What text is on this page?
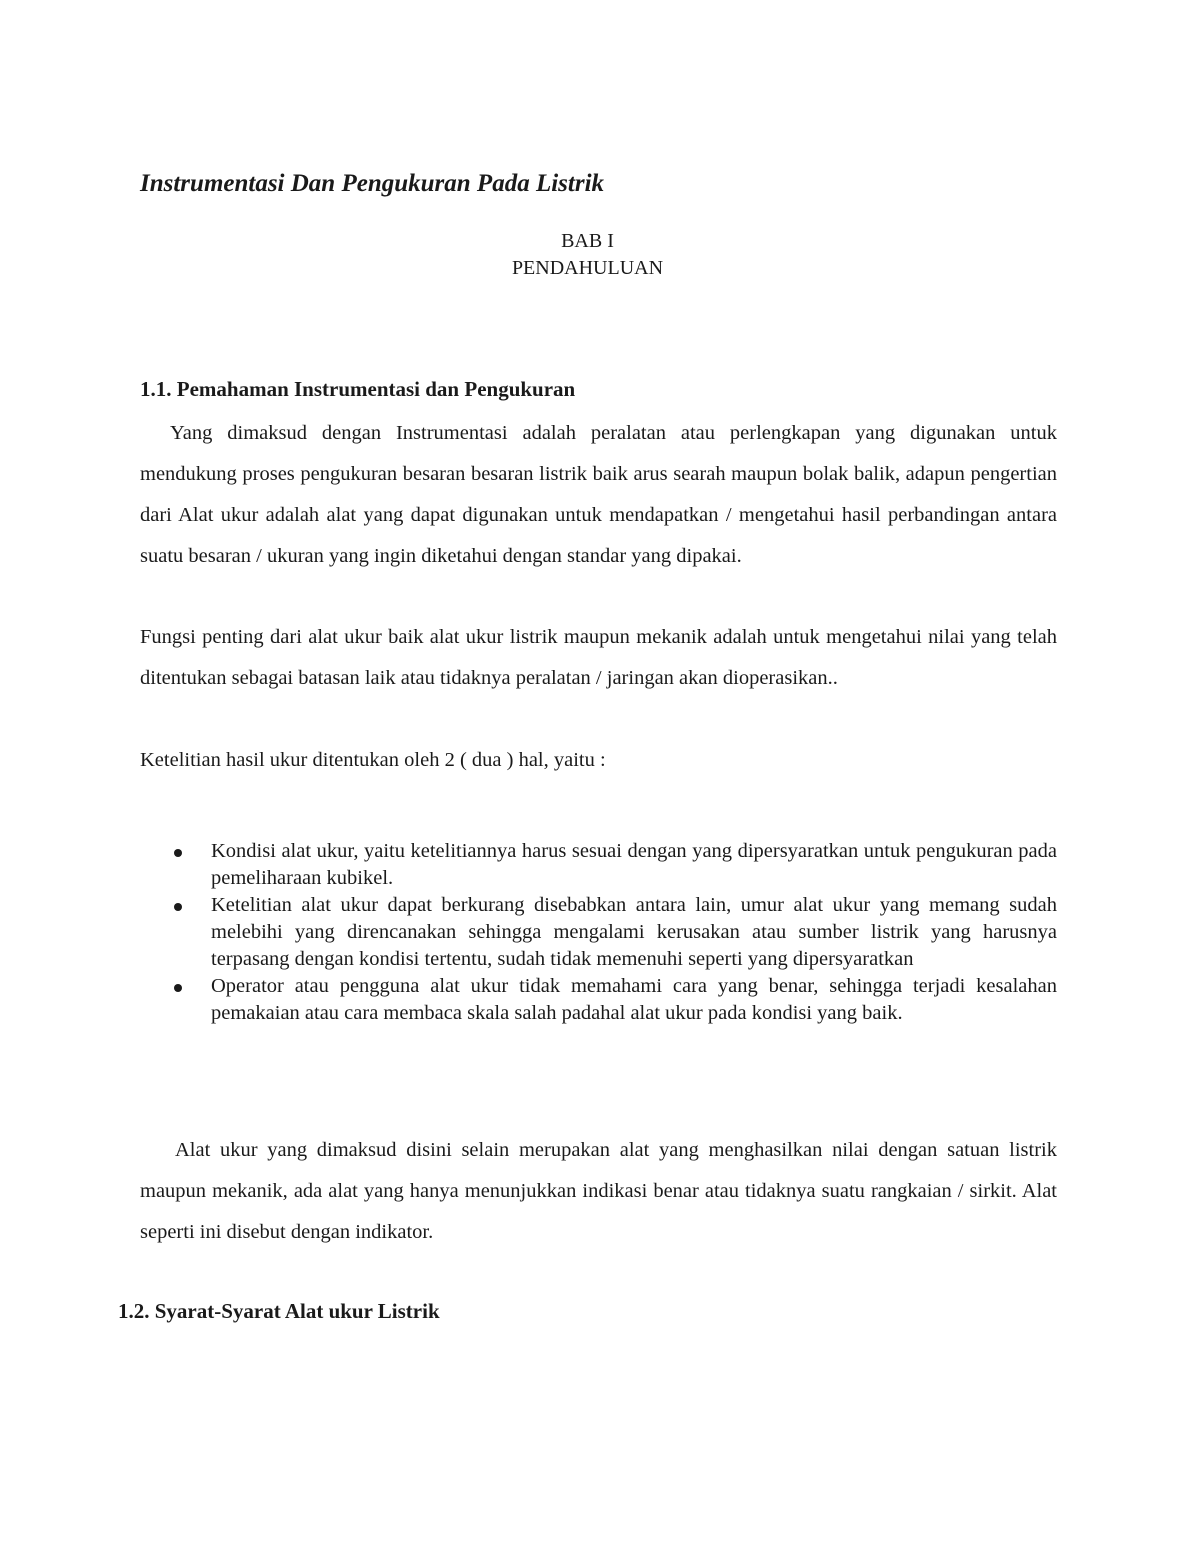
Instrumentasi Dan Pengukuran Pada Listrik

BAB I

PENDAHULUAN

1.1. Pemahaman Instrumentasi dan Pengukuran

Yang dimaksud dengan Instrumentasi adalah peralatan atau perlengkapan yang digunakan untuk mendukung proses pengukuran besaran besaran listrik baik arus searah maupun bolak balik, adapun pengertian dari Alat ukur adalah alat yang dapat digunakan untuk mendapatkan / mengetahui hasil perbandingan antara suatu besaran / ukuran yang ingin diketahui dengan standar yang dipakai.

Fungsi penting dari alat ukur baik alat ukur listrik maupun mekanik adalah untuk mengetahui nilai yang telah ditentukan sebagai batasan laik atau tidaknya peralatan / jaringan akan dioperasikan..

Ketelitian hasil ukur ditentukan oleh 2 ( dua ) hal, yaitu :

Kondisi alat ukur, yaitu ketelitiannya harus sesuai dengan yang dipersyaratkan untuk pengukuran pada pemeliharaan kubikel.
Ketelitian alat ukur dapat berkurang disebabkan antara lain, umur alat ukur yang memang sudah melebihi yang direncanakan sehingga mengalami kerusakan atau sumber listrik yang harusnya terpasang dengan kondisi tertentu, sudah tidak memenuhi seperti yang dipersyaratkan
Operator atau pengguna alat ukur tidak memahami cara yang benar, sehingga terjadi kesalahan pemakaian atau cara membaca skala salah padahal alat ukur pada kondisi yang baik.

Alat ukur yang dimaksud disini selain merupakan alat yang menghasilkan nilai dengan satuan listrik maupun mekanik, ada alat yang hanya menunjukkan indikasi benar atau tidaknya suatu rangkaian / sirkit. Alat seperti ini disebut dengan indikator.

1.2. Syarat-Syarat Alat ukur Listrik
